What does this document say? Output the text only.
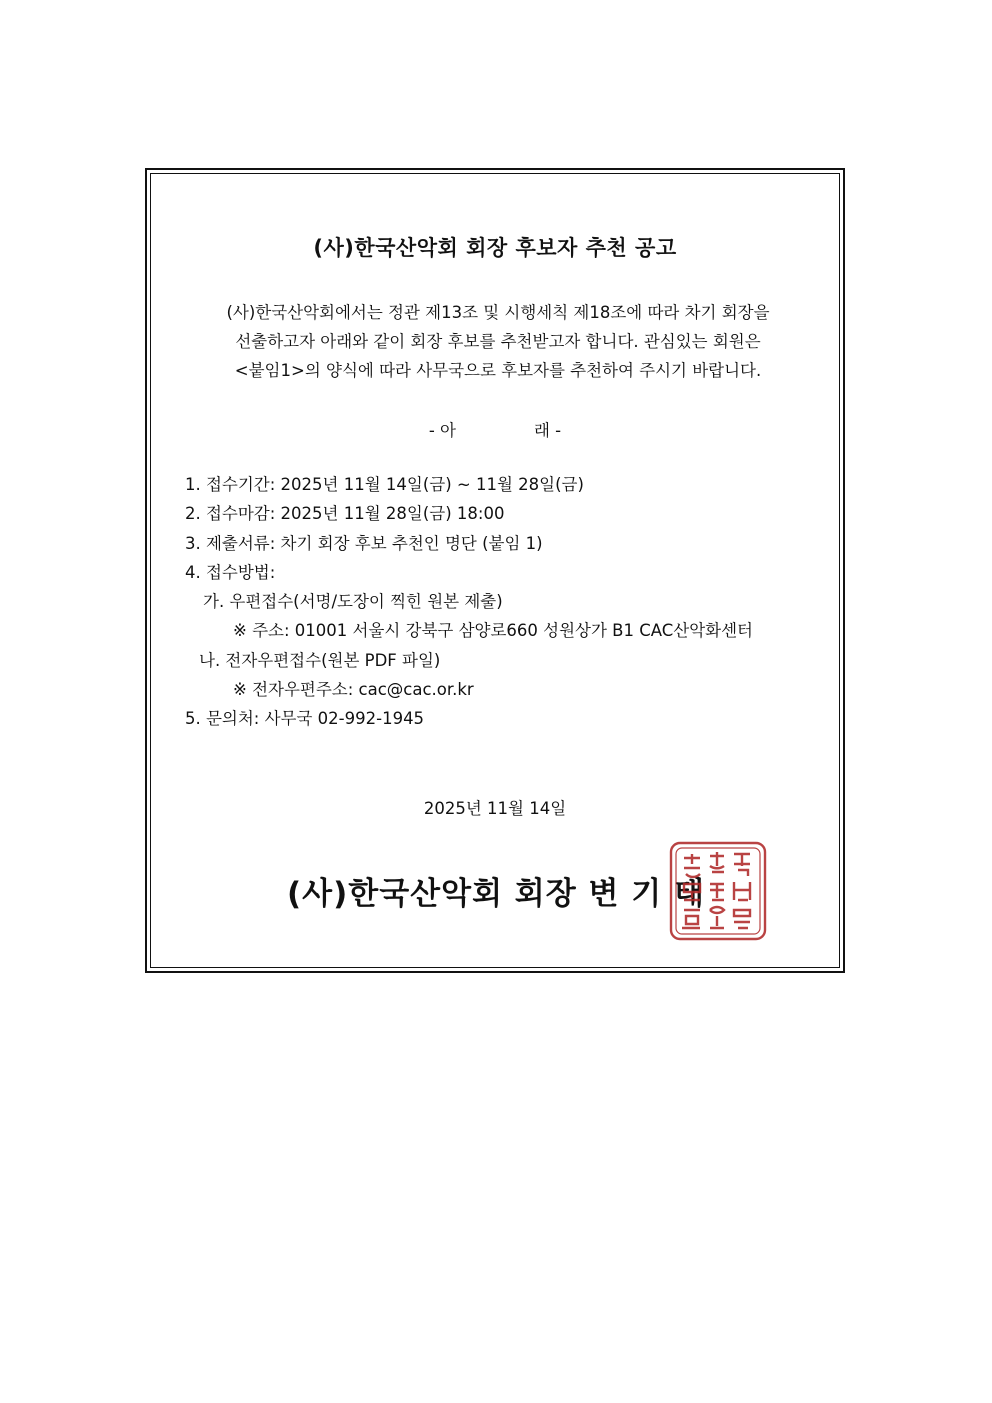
(사)한국산악회 회장 후보자 추천 공고
(사)한국산악회에서는 정관 제13조 및 시행세칙 제18조에 따라 차기 회장을
선출하고자 아래와 같이 회장 후보를 추천받고자 합니다. 관심있는 회원은
<붙임1>의 양식에 따라 사무국으로 후보자를 추천하여 주시기 바랍니다.
- 아	래 -
1. 접수기간: 2025년 11월 14일(금) ~ 11월 28일(금)
2. 접수마감: 2025년 11월 28일(금) 18:00
3. 제출서류: 차기 회장 후보 추천인 명단 (붙임 1)
4. 접수방법:
가. 우편접수(서명/도장이 찍힌 원본 제출)
※ 주소: 01001 서울시 강북구 삼양로660 성원상가 B1 CAC산악화센터
나. 전자우편접수(원본 PDF 파일)
※ 전자우편주소: cac@cac.or.kr
5. 문의처: 사무국 02-992-1945
2025년 11월 14일
(사)한국산악회 회장 변 기 태
